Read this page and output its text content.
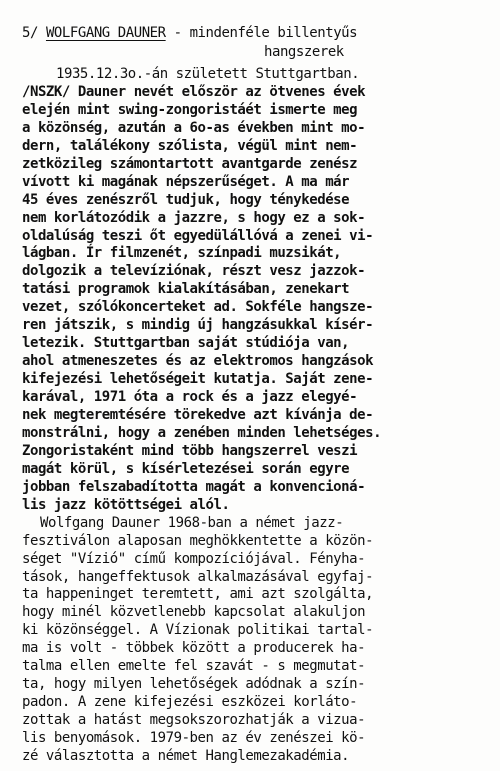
5/ WOLFGANG DAUNER - mindenféle billentyűs

hangszerek

1935.12.3o.-án született Stuttgartban.
/NSZK/ Dauner nevét először az ötvenes évek
elején mint swing-zongoristáét ismerte meg
a közönség, azután a 6o-as években mint mo-
dern, találékony szólista, végül mint nem-
zetközileg számontartott avantgarde zenész
vívott ki magának népszerűséget. A ma már
45 éves zenészről tudjuk, hogy ténykedése
nem korlátozódik a jazzre, s hogy ez a sok-
oldalúság teszi őt egyedülállóvá a zenei vi-
lágban. Ír filmzenét, színpadi muzsikát,
dolgozik a televíziónak, részt vesz jazzok-
tatási programok kialakításában, zenekart
vezet, szólókoncerteket ad. Sokféle hangsze-
ren játszik, s mindig új hangzásukkal kísér-
letezik. Stuttgartban saját stúdiója van,
ahol atmeneszetes és az elektromos hangzások
kifejezési lehetőségeit kutatja. Saját zene-
karával, 1971 óta a rock és a jazz elegyé-
nek megteremtésére törekedve azt kívánja de-
monstrálni, hogy a zenében minden lehetséges.
Zongoristaként mind több hangszerrel veszi
magát körül, s kísérletezései során egyre
jobban felszabadította magát a konvencioná-
lis jazz kötöttségei alól.
Wolfgang Dauner 1968-ban a német jazz-
fesztiválon alaposan meghökkentette a közön-
séget "Vízió" című kompozíciójával. Fényha-
tások, hangeffektusok alkalmazásával egyfaj-
ta happeninget teremtett, ami azt szolgálta,
hogy minél közvetlenebb kapcsolat alakuljon
ki közönséggel. A Vízionak politikai tartal-
ma is volt - többek között a producerek ha-
talma ellen emelte fel szavát - s megmutat-
ta, hogy milyen lehetőségek adódnak a szín-
padon. A zene kifejezési eszközei korláto-
zottak a hatást megsokszorozhatják a vizua-
lis benyomások. 1979-ben az év zenészei kö-
zé választotta a német Hanglemezakadémia.
